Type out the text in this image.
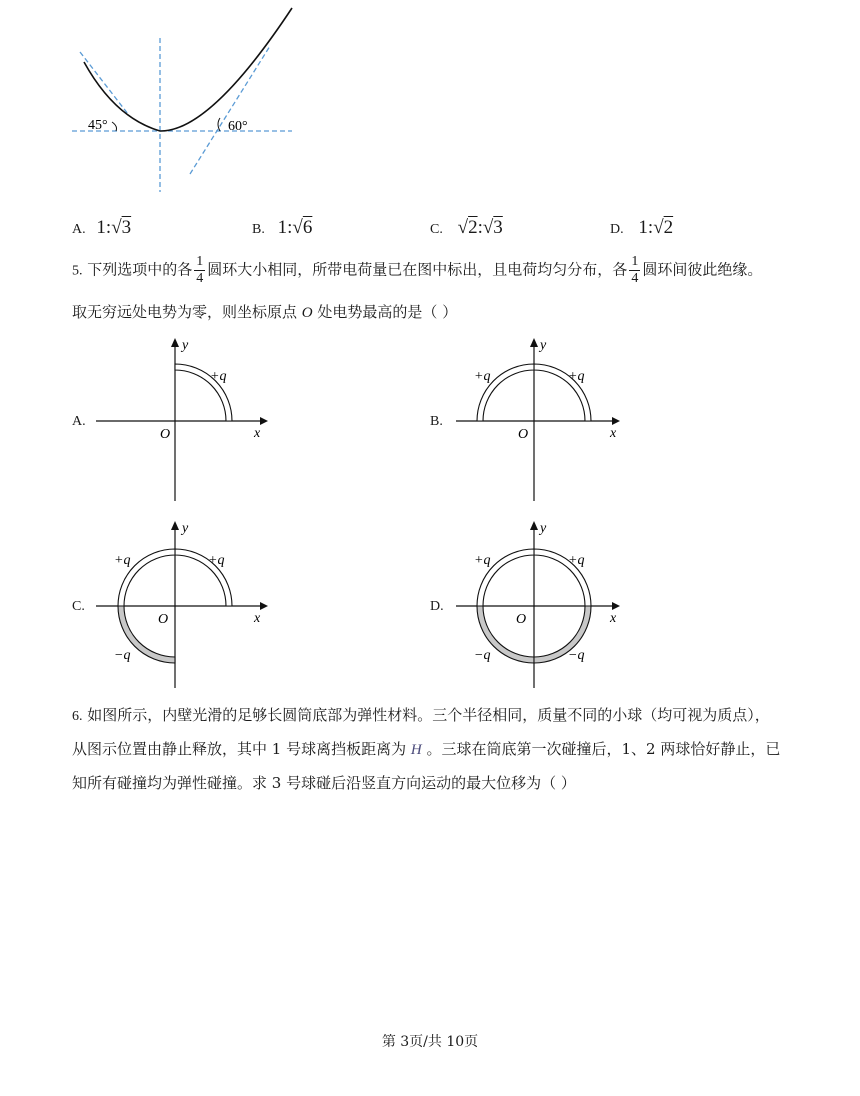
45°	60°
A. 1:√3	B. 1:√6	C. √2:√3	D. 1:√2
5. 下列选项中的各 $\frac{1}{4}$ 圆环大小相同，所带电荷量已在图中标出，且电荷均匀分布，各 $\frac{1}{4}$ 圆环间彼此绝缘。
取无穷远处电势为零，则坐标原点 O 处电势最高的是（ ）
A.
+q
x
y
O
B.
+q	+q
x
y
O
C.
+q	+q
−q
x
y
O
D.
+q	+q
−q	−q
x
y
O
6. 如图所示，内壁光滑的足够长圆筒底部为弹性材料。三个半径相同，质量不同的小球（均可视为质点），
从图示位置由静止释放，其中 1 号球离挡板距离为 H 。三球在筒底第一次碰撞后，1、2 两球恰好静止，已
知所有碰撞均为弹性碰撞。求 3 号球碰后沿竖直方向运动的最大位移为（ ）
第 3页/共 10页
